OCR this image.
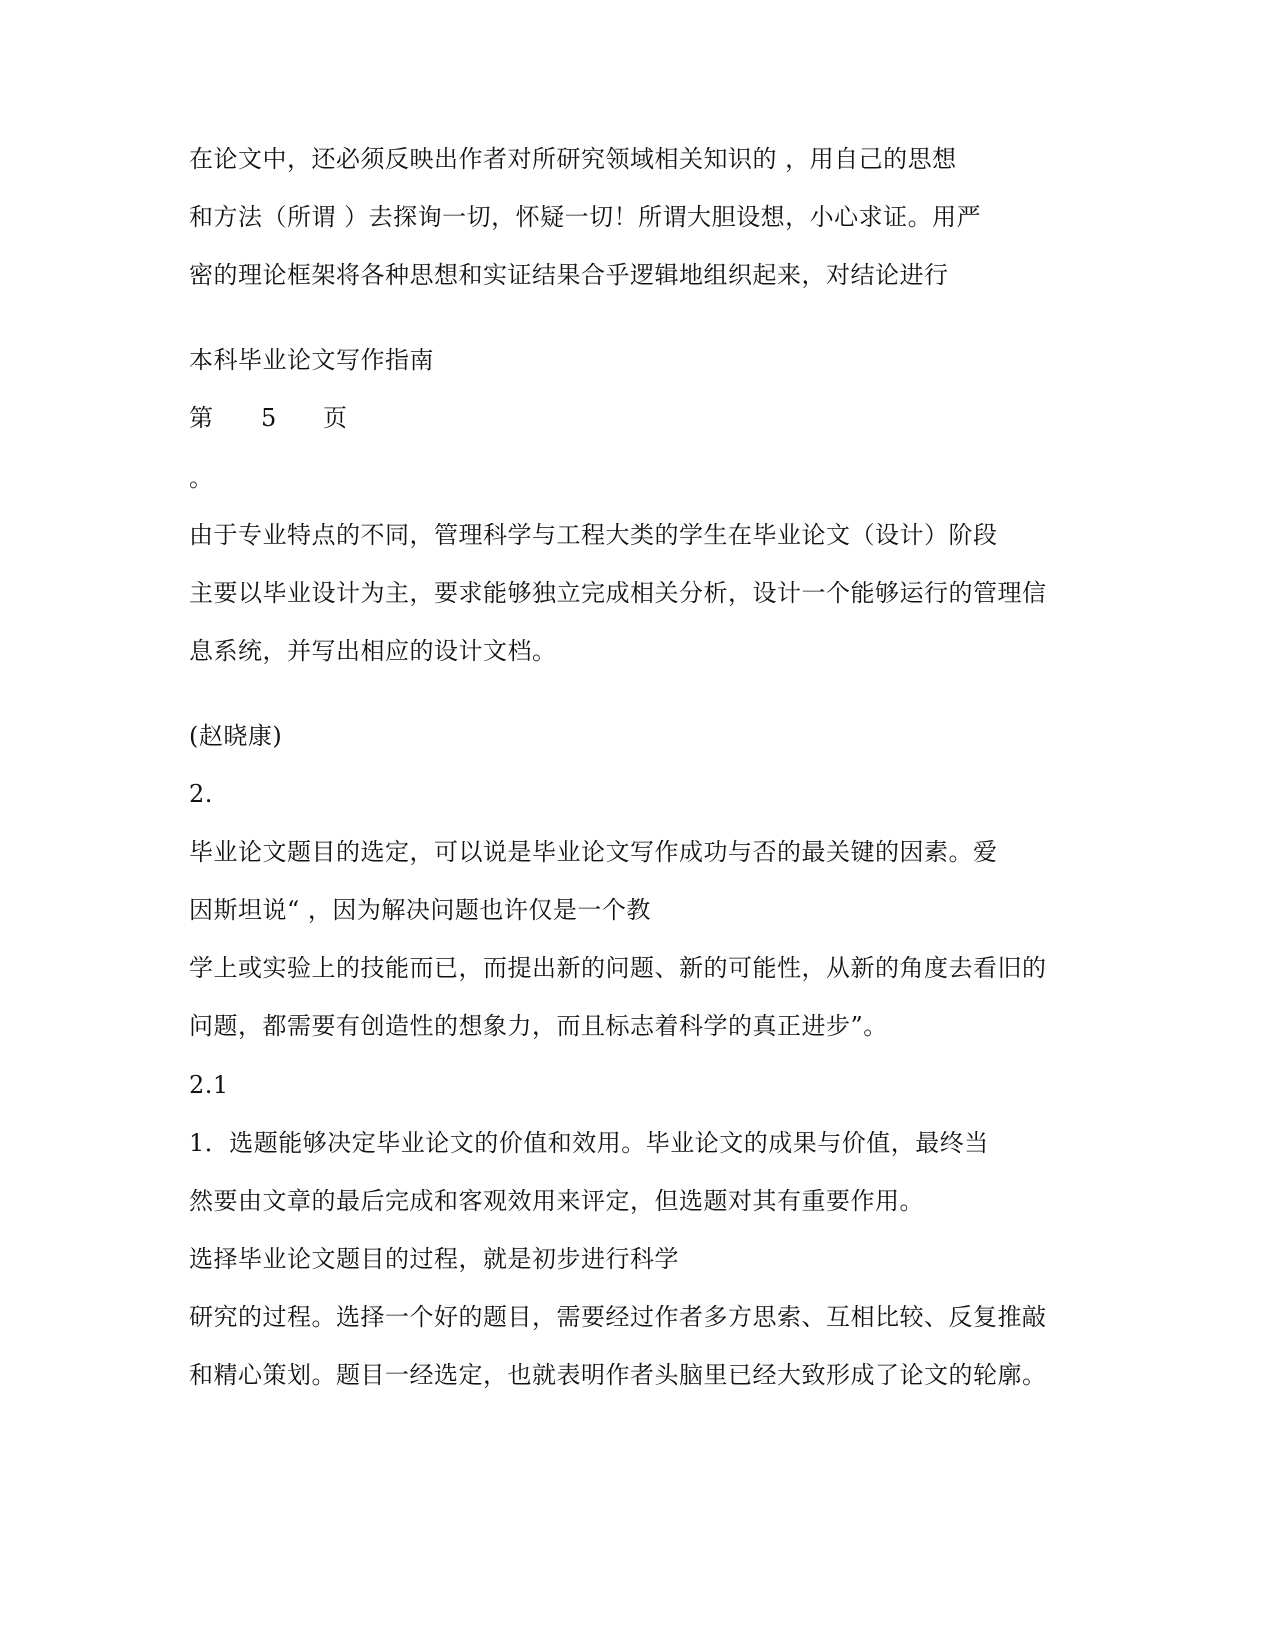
在论文中，还必须反映出作者对所研究领域相关知识的 ，用自己的思想

和方法（所谓 ）去探询一切，怀疑一切！所谓大胆设想，小心求证。用严

密的理论框架将各种思想和实证结果合乎逻辑地组织起来，对结论进行

本科毕业论文写作指南

第 5 页

。

由于专业特点的不同，管理科学与工程大类的学生在毕业论文（设计）阶段

主要以毕业设计为主，要求能够独立完成相关分析，设计一个能够运行的管理信

息系统，并写出相应的设计文档。

(赵晓康)

2.

毕业论文题目的选定，可以说是毕业论文写作成功与否的最关键的因素。爱

因斯坦说“ ，因为解决问题也许仅是一个教

学上或实验上的技能而已，而提出新的问题、新的可能性，从新的角度去看旧的

问题，都需要有创造性的想象力，而且标志着科学的真正进步”。

2.1

1．选题能够决定毕业论文的价值和效用。毕业论文的成果与价值，最终当

然要由文章的最后完成和客观效用来评定，但选题对其有重要作用。

选择毕业论文题目的过程，就是初步进行科学

研究的过程。选择一个好的题目，需要经过作者多方思索、互相比较、反复推敲

和精心策划。题目一经选定，也就表明作者头脑里已经大致形成了论文的轮廓。
